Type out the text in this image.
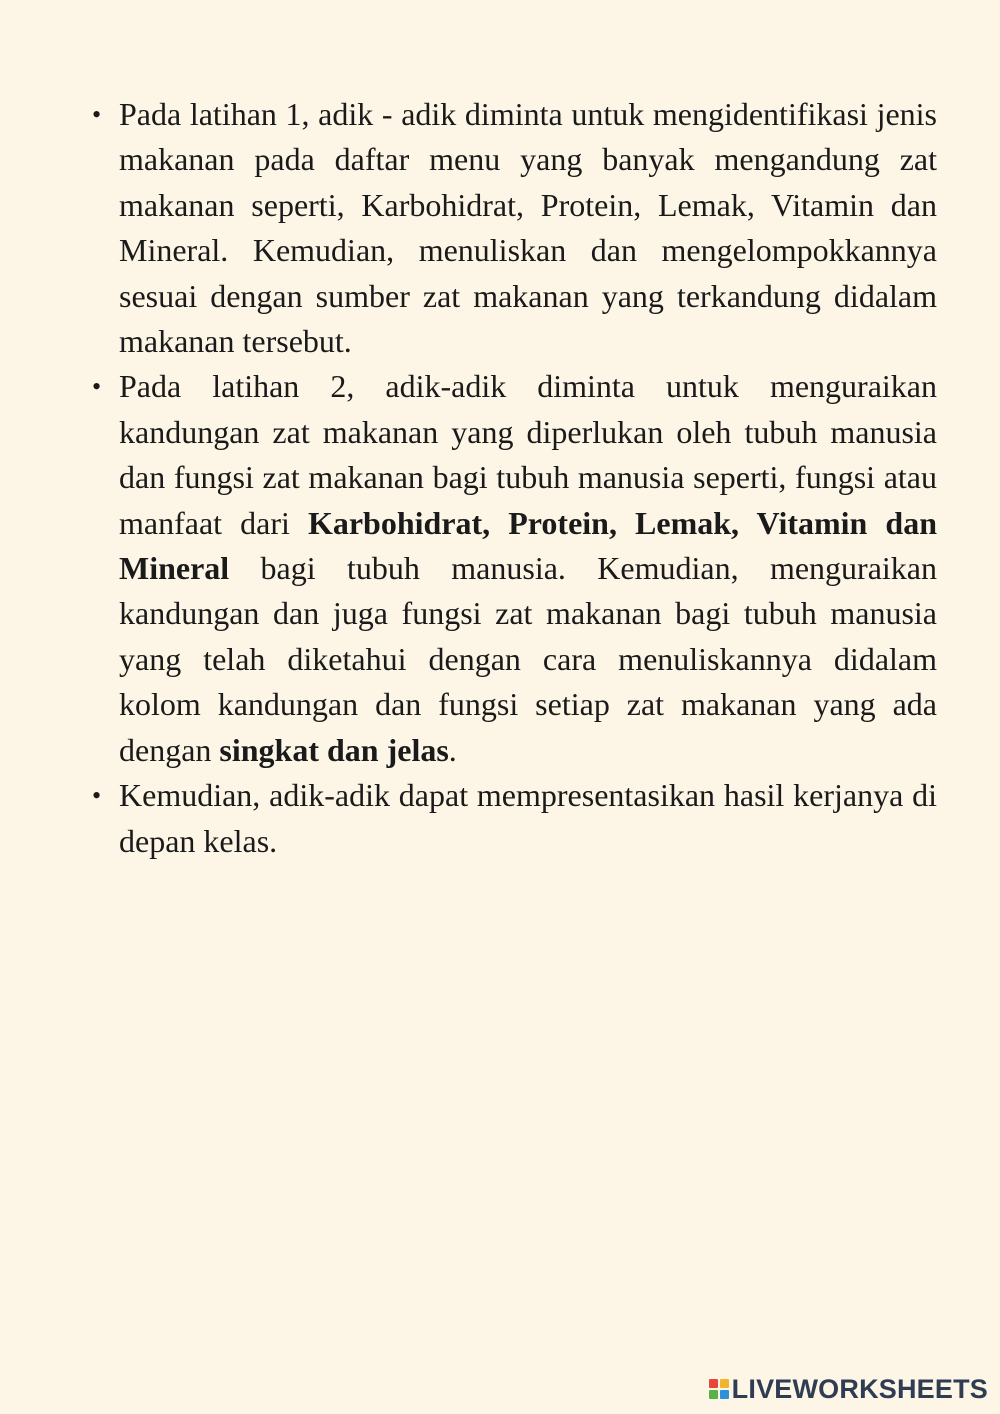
• Pada latihan 1, adik - adik diminta untuk mengidentifikasi jenis makanan pada daftar menu yang banyak mengandung zat makanan seperti, Karbohidrat, Protein, Lemak, Vitamin dan Mineral. Kemudian, menuliskan dan mengelompokkannya sesuai dengan sumber zat makanan yang terkandung didalam makanan tersebut.
• Pada latihan 2, adik-adik diminta untuk menguraikan kandungan zat makanan yang diperlukan oleh tubuh manusia dan fungsi zat makanan bagi tubuh manusia seperti, fungsi atau manfaat dari Karbohidrat, Protein, Lemak, Vitamin dan Mineral bagi tubuh manusia. Kemudian, menguraikan kandungan dan juga fungsi zat makanan bagi tubuh manusia yang telah diketahui dengan cara menuliskannya didalam kolom kandungan dan fungsi setiap zat makanan yang ada dengan singkat dan jelas.
• Kemudian, adik-adik dapat mempresentasikan hasil kerjanya di depan kelas.
LIVEWORKSHEETS
